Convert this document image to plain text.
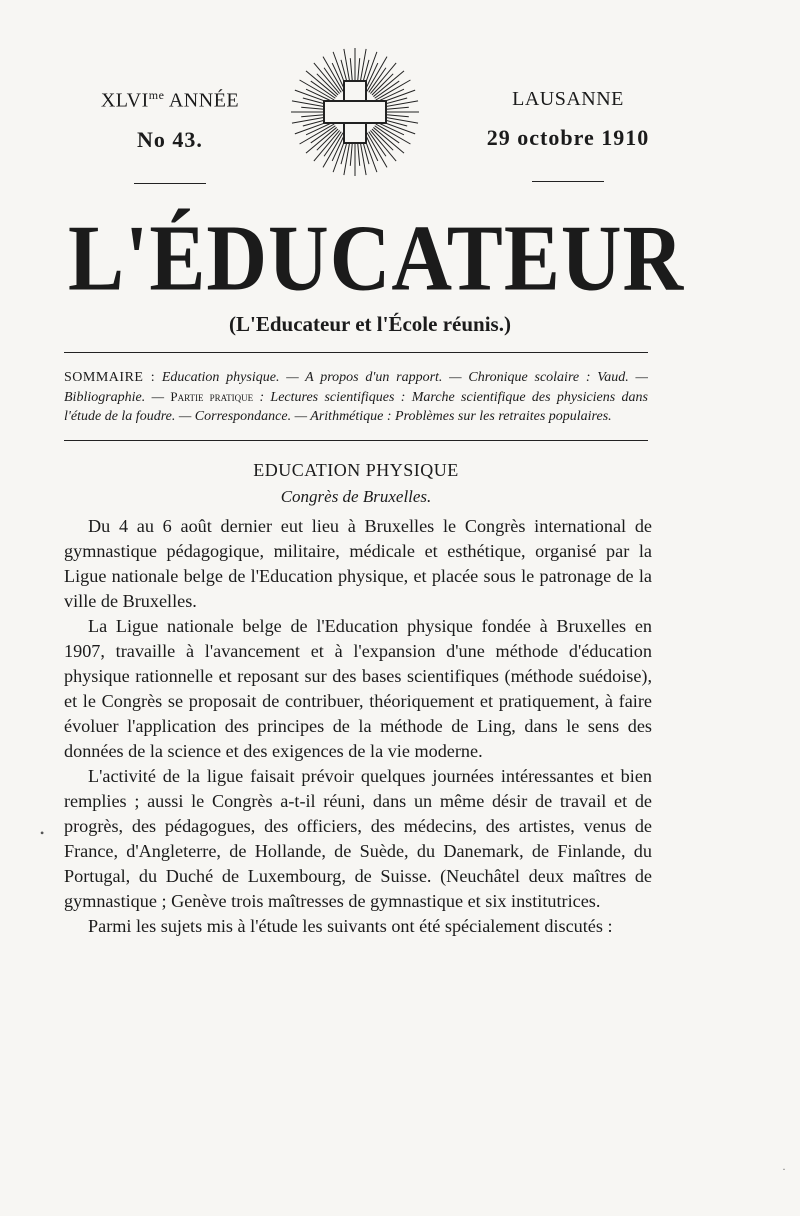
$XLVI^{me}$ ANNÉE
No 43.
LAUSANNE
29 octobre 1910
L'ÉDUCATEUR
(L'Educateur et l'École réunis.)
SOMMAIRE : Education physique. — A propos d'un rapport. — Chronique scolaire : Vaud. — Bibliographie. — Partie pratique : Lectures scientifiques : Marche scientifique des physiciens dans l'étude de la foudre. — Correspondance. — Arithmétique : Problèmes sur les retraites populaires.
EDUCATION PHYSIQUE
Congrès de Bruxelles.

Du 4 au 6 août dernier eut lieu à Bruxelles le Congrès international de gymnastique pédagogique, militaire, médicale et esthétique, organisé par la Ligue nationale belge de l'Education physique, et placée sous le patronage de la ville de Bruxelles.

La Ligue nationale belge de l'Education physique fondée à Bruxelles en 1907, travaille à l'avancement et à l'expansion d'une méthode d'éducation physique rationnelle et reposant sur des bases scientifiques (méthode suédoise), et le Congrès se proposait de contribuer, théoriquement et pratiquement, à faire évoluer l'application des principes de la méthode de Ling, dans le sens des données de la science et des exigences de la vie moderne.

L'activité de la ligue faisait prévoir quelques journées intéressantes et bien remplies ; aussi le Congrès a-t-il réuni, dans un même désir de travail et de progrès, des pédagogues, des officiers, des médecins, des artistes, venus de France, d'Angleterre, de Hollande, de Suède, du Danemark, de Finlande, du Portugal, du Duché de Luxembourg, de Suisse. (Neuchâtel deux maîtres de gymnastique ; Genève trois maîtresses de gymnastique et six institutrices.

Parmi les sujets mis à l'étude les suivants ont été spécialement discutés :

•
·
